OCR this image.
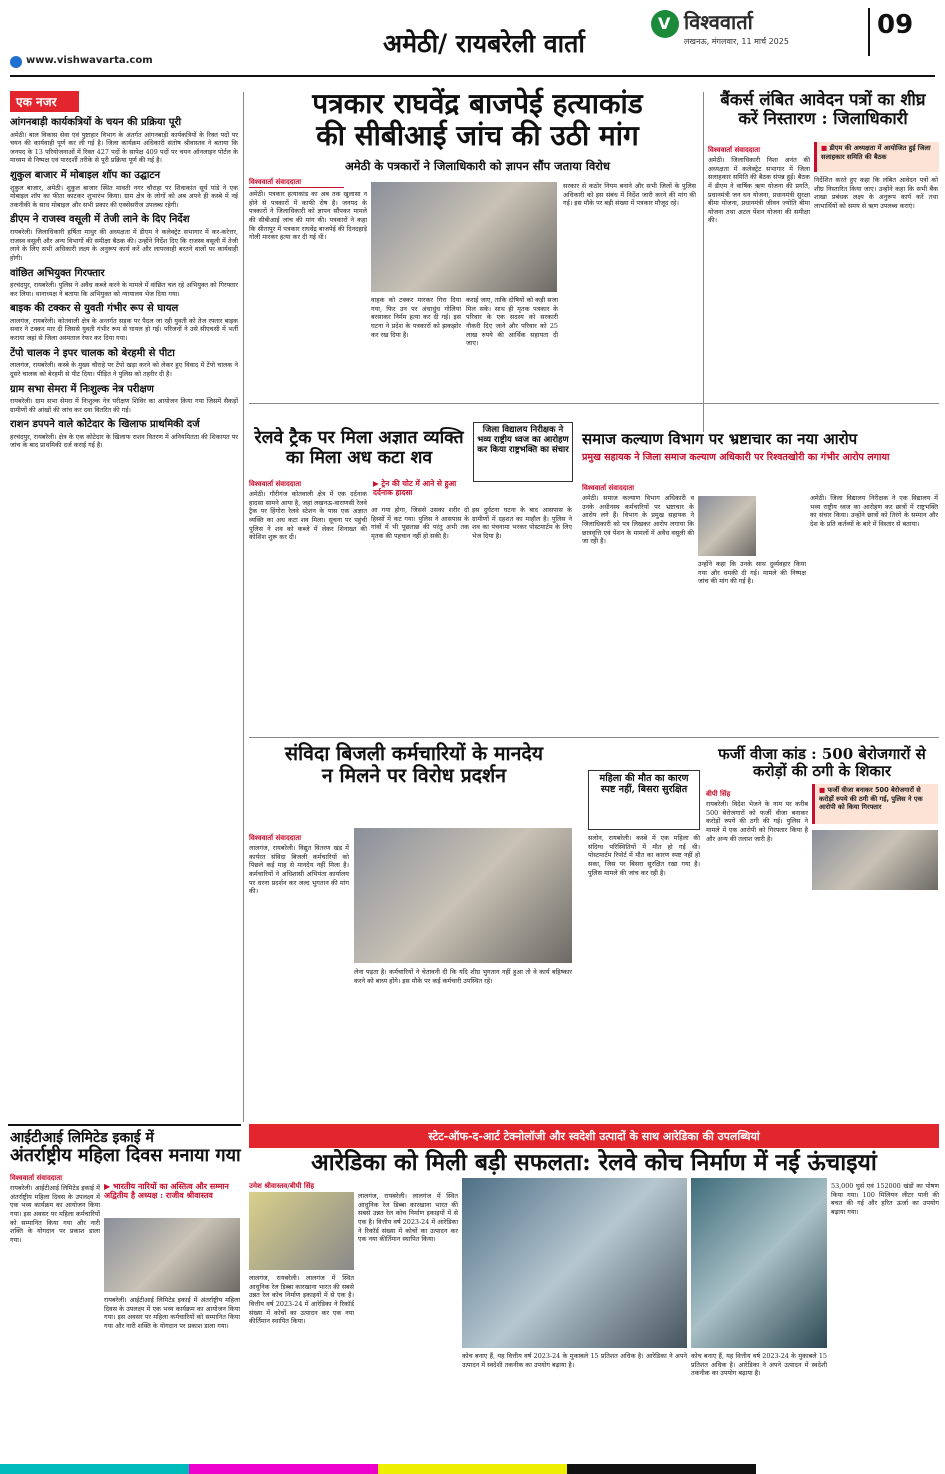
अमेठी/ रायबरेली वार्ता
V विश्ववार्ता
लखनऊ, मंगलवार, 11 मार्च 2025
09
www.vishwavarta.com
एक नजर
आंगनबाड़ी कार्यकत्रियों के चयन की प्रक्रिया पूरी
अमेठी। बाल विकास सेवा एवं पुष्टाहार विभाग के अंतर्गत आंगनबाड़ी कार्यकत्रियों के रिक्त पदों पर चयन की कार्यवाही पूर्ण कर ली गई है। जिला कार्यक्रम अधिकारी संतोष श्रीवास्तव ने बताया कि जनपद के 13 परियोजनाओं में रिक्त 427 पदों के सापेक्ष 409 पदों पर चयन ऑनलाइन पोर्टल के माध्यम से निष्पक्ष एवं पारदर्शी तरीके से पूरी प्रक्रिया पूर्ण की गई है।
शुकुल बाजार में मोबाइल शॉप का उद्घाटन
शुकुल बाजार, अमेठी। शुकुल बाजार स्थित मावती नगर चौराहा पर शिवाकांत सूर्य पांडे ने एक मोबाइल शॉप का फीता काटकर शुभारंभ किया। ग्राम क्षेत्र के लोगों को अब अपने ही कस्बे में नई तकनीकी के साथ मोबाइल और सभी प्रकार की एक्सेसरीज उपलब्ध रहेगी।
डीएम ने राजस्व वसूली में तेजी लाने के दिए निर्देश
रायबरेली। जिलाधिकारी हर्षिता माथुर की अध्यक्षता में डीएम ने कलेक्ट्रेट सभागार में कर-करेत्तर, राजस्व वसूली और अन्य विभागों की समीक्षा बैठक की। उन्होंने निर्देश दिए कि राजस्व वसूली में तेजी लाने के लिए सभी अधिकारी लक्ष्य के अनुरूप कार्य करें और लापरवाही बरतने वालों पर कार्यवाही होगी।
वांछित अभियुक्त गिरफ्तार
हरचंदपुर, रायबरेली। पुलिस ने अवैध कब्जे करने के मामले में वांछित चल रहे अभियुक्त को गिरफ्तार कर लिया। थानाध्यक्ष ने बताया कि अभियुक्त को न्यायालय भेज दिया गया।
बाइक की टक्कर से युवती गंभीर रूप से घायल
लालगंज, रायबरेली। कोतवाली क्षेत्र के अन्तर्गत सड़क पर पैदल जा रही युवती को तेज रफ्तार बाइक सवार ने टक्कर मार दी जिससे युवती गंभीर रूप से घायल हो गई। परिजनों ने उसे सीएचसी में भर्ती कराया जहां से जिला अस्पताल रेफर कर दिया गया।
टेंपो चालक ने इपर चालक को बेरहमी से पीटा
लालगंज, रायबरेली। कस्बे के मुख्य चौराहे पर टेंपो खड़ा करने को लेकर हुए विवाद में टेंपो चालक ने दूसरे चालक को बेरहमी से पीट दिया। पीड़ित ने पुलिस को तहरीर दी है।
ग्राम सभा सेमरा में निःशुल्क नेत्र परीक्षण
रायबरेली। ग्राम सभा सेमरा में निःशुल्क नेत्र परीक्षण शिविर का आयोजन किया गया जिसमें सैकड़ों ग्रामीणों की आंखों की जांच कर दवा वितरित की गई।
राशन डपपने वाले कोटेदार के खिलाफ प्राथमिकी दर्ज
हरचंदपुर, रायबरेली। क्षेत्र के एक कोटेदार के खिलाफ राशन वितरण में अनियमितता की शिकायत पर जांच के बाद प्राथमिकी दर्ज कराई गई है।
पत्रकार राघवेंद्र बाजपेई हत्याकांड
की सीबीआई जांच की उठी मांग
अमेठी के पत्रकारों ने जिलाधिकारी को ज्ञापन सौंप जताया विरोध
विश्ववार्ता संवाददाता
अमेठी। पत्रकार हत्याकांड का अब तक खुलासा न होने से पत्रकारों में काफी रोष है। जनपद के पत्रकारों ने जिलाधिकारी को ज्ञापन सौंपकर मामले की सीबीआई जांच की मांग की। पत्रकारों ने कहा कि सीतापुर में पत्रकार राघवेंद्र बाजपेई की दिनदहाड़े गोली मारकर हत्या कर दी गई थी।
वाहक को टक्कर मारकर गिरा दिया गया, फिर उन पर अंधाधुंध गोलियां बरसाकर निर्मम हत्या कर दी गई। इस घटना ने प्रदेश के पत्रकारों को झकझोर कर रख दिया है।
कराई जाए, ताकि दोषियों को कड़ी सजा मिल सके। साथ ही मृतक पत्रकार के परिवार के एक सदस्य को सरकारी नौकरी दिए जाने और परिवार को 25 लाख रुपये की आर्थिक सहायता दी जाए।
सरकार से कठोर नियम बनाने और सभी जिलों के पुलिस अधिकारी को इस संबंध में निर्देश जारी करने की मांग की गई। इस मौके पर बड़ी संख्या में पत्रकार मौजूद रहे।
बैंकर्स लंबित आवेदन पत्रों का शीघ्र करें निस्तारण : जिलाधिकारी
विश्ववार्ता संवाददाता	■ डीएम की अध्यक्षता में आयोजित हुई जिला सलाहकार समिति की बैठक
अमेठी। जिलाधिकारी निशा अनंत की अध्यक्षता में कलेक्ट्रेट सभागार में जिला सलाहकार समिति की बैठक संपन्न हुई। बैठक में डीएम ने वार्षिक ऋण योजना की प्रगति, प्रधानमंत्री जन धन योजना, प्रधानमंत्री सुरक्षा बीमा योजना, प्रधानमंत्री जीवन ज्योति बीमा योजना तथा अटल पेंशन योजना की समीक्षा की।
निर्देशित करते हुए कहा कि लंबित आवेदन पत्रों को शीघ्र निस्तारित किया जाए। उन्होंने कहा कि सभी बैंक शाखा प्रबंधक लक्ष्य के अनुरूप कार्य करें तथा लाभार्थियों को समय से ऋण उपलब्ध कराएं।
रेलवे ट्रैक पर मिला अज्ञात व्यक्ति का मिला अध कटा शव
विश्ववार्ता संवाददाता	▶ ट्रेन की चोट में आने से हुआ दर्दनाक हादसा
अमेठी। गौरीगंज कोतवाली क्षेत्र में एक दर्दनाक हादसा सामने आया है, जहां लखनऊ-वाराणसी रेलवे ट्रैक पर हिंगोरा रेलवे स्टेशन के पास एक अज्ञात व्यक्ति का अध कटा शव मिला। सूचना पर पहुंची पुलिस ने शव को कब्जे में लेकर शिनाख्त की कोशिश शुरू कर दी।
आ गया होगा, जिससे उसका शरीर दो हिस्सों में कट गया। पुलिस ने आसपास के गांवों में भी पूछताछ की परंतु अभी तक मृतक की पहचान नहीं हो सकी है।
इस दुर्घटना घटना के बाद आसपास के ग्रामीणों में दहशत का माहौल है। पुलिस ने शव का पंचनामा भरकर पोस्टमार्टम के लिए भेज दिया है।
जिला विद्यालय निरीक्षक ने भव्य राष्ट्रीय ध्वज का आरोहण कर किया राष्ट्रभक्ति का संचार
समाज कल्याण विभाग पर भ्रष्टाचार का नया आरोप
प्रमुख सहायक ने जिला समाज कल्याण अधिकारी पर रिश्वतखोरी का गंभीर आरोप लगाया
विश्ववार्ता संवाददाता
अमेठी। समाज कल्याण विभाग अधिकारी व उनके अधीनस्थ कर्मचारियों पर भ्रष्टाचार के आरोप लगे हैं। विभाग के प्रमुख सहायक ने जिलाधिकारी को पत्र लिखकर आरोप लगाया कि छात्रवृत्ति एवं पेंशन के मामलों में अवैध वसूली की जा रही है।
उन्होंने कहा कि उनके साथ दुर्व्यवहार किया गया और धमकी दी गई। मामले की निष्पक्ष जांच की मांग की गई है।
अमेठी। जिला विद्यालय निरीक्षक ने एक विद्यालय में भव्य राष्ट्रीय ध्वज का आरोहण कर छात्रों में राष्ट्रभक्ति का संचार किया। उन्होंने छात्रों को तिरंगे के सम्मान और देश के प्रति कर्तव्यों के बारे में विस्तार से बताया।
संविदा बिजली कर्मचारियों के मानदेय
न मिलने पर विरोध प्रदर्शन
विश्ववार्ता संवाददाता
लालगंज, रायबरेली। विद्युत वितरण खंड में कार्यरत संविदा बिजली कर्मचारियों को पिछले कई माह से मानदेय नहीं मिला है। कर्मचारियों ने अधिशासी अभियंता कार्यालय पर धरना प्रदर्शन कर जल्द भुगतान की मांग की।
लेना पड़ता है। कर्मचारियों ने चेतावनी दी कि यदि शीघ्र भुगतान नहीं हुआ तो वे कार्य बहिष्कार करने को बाध्य होंगे। इस मौके पर कई कर्मचारी उपस्थित रहे।
महिला की मौत का कारण स्पष्ट नहीं, बिसरा सुरक्षित
सलोन, रायबरेली। कस्बे में एक महिला की संदिग्ध परिस्थितियों में मौत हो गई थी। पोस्टमार्टम रिपोर्ट में मौत का कारण स्पष्ट नहीं हो सका, जिस पर बिसरा सुरक्षित रखा गया है। पुलिस मामले की जांच कर रही है।
फर्जी वीजा कांड : 500 बेरोजगारों से करोड़ों की ठगी के शिकार
बीपी सिंह	■ फर्जी वीजा बनाकर 500 बेरोजगारों से करोड़ों रुपये की ठगी की गई, पुलिस ने एक आरोपी को किया गिरफ्तार
रायबरेली। विदेश भेजने के नाम पर करीब 500 बेरोजगारों को फर्जी वीजा बनाकर करोड़ों रुपये की ठगी की गई। पुलिस ने मामले में एक आरोपी को गिरफ्तार किया है और अन्य की तलाश जारी है।
आईटीआई लिमिटेड इकाई में
अंतर्राष्ट्रीय महिला दिवस मनाया गया
विश्ववार्ता संवाददाता
▶ भारतीय नारियों का अस्तित्व और सम्मान अद्वितीय है अध्यक्ष : राजीव श्रीवास्तव
रायबरेली। आईटीआई लिमिटेड इकाई में अंतर्राष्ट्रीय महिला दिवस के उपलक्ष्य में एक भव्य कार्यक्रम का आयोजन किया गया। इस अवसर पर महिला कर्मचारियों को सम्मानित किया गया और नारी शक्ति के योगदान पर प्रकाश डाला गया।
रायबरेली। आईटीआई लिमिटेड इकाई में अंतर्राष्ट्रीय महिला दिवस के उपलक्ष्य में एक भव्य कार्यक्रम का आयोजन किया गया। इस अवसर पर महिला कर्मचारियों को सम्मानित किया गया और नारी शक्ति के योगदान पर प्रकाश डाला गया।
स्टेट-ऑफ-द-आर्ट टेक्नोलॉजी और स्वदेशी उत्पादों के साथ आरेडिका की उपलब्धियां
आरेडिका को मिली बड़ी सफलता: रेलवे कोच निर्माण में नई ऊंचाइयां
उमेश श्रीवास्तव/बीपी सिंह
लालगंज, रायबरेली। लालगंज में स्थित आधुनिक रेल डिब्बा कारखाना भारत की सबसे उन्नत रेल कोच निर्माण इकाइयों में से एक है। वित्तीय वर्ष 2023-24 में आरेडिका ने रिकॉर्ड संख्या में कोचों का उत्पादन कर एक नया कीर्तिमान स्थापित किया।
लालगंज, रायबरेली। लालगंज में स्थित आधुनिक रेल डिब्बा कारखाना भारत की सबसे उन्नत रेल कोच निर्माण इकाइयों में से एक है। वित्तीय वर्ष 2023-24 में आरेडिका ने रिकॉर्ड संख्या में कोचों का उत्पादन कर एक नया कीर्तिमान स्थापित किया।
कोच बनाए हैं, यह वित्तीय वर्ष 2023-24 के मुकाबले 15 प्रतिशत अधिक है। आरेडिका ने अपने उत्पादन में स्वदेशी तकनीक का उपयोग बढ़ाया है।
कोच बनाए हैं, यह वित्तीय वर्ष 2023-24 के मुकाबले 15 प्रतिशत अधिक है। आरेडिका ने अपने उत्पादन में स्वदेशी तकनीक का उपयोग बढ़ाया है।
53,000 घुर्स एवं 152000 खंडों का पोषण किया गया। 100 मिलियन लीटर पानी की बचत की गई और हरित ऊर्जा का उपयोग बढ़ाया गया।
